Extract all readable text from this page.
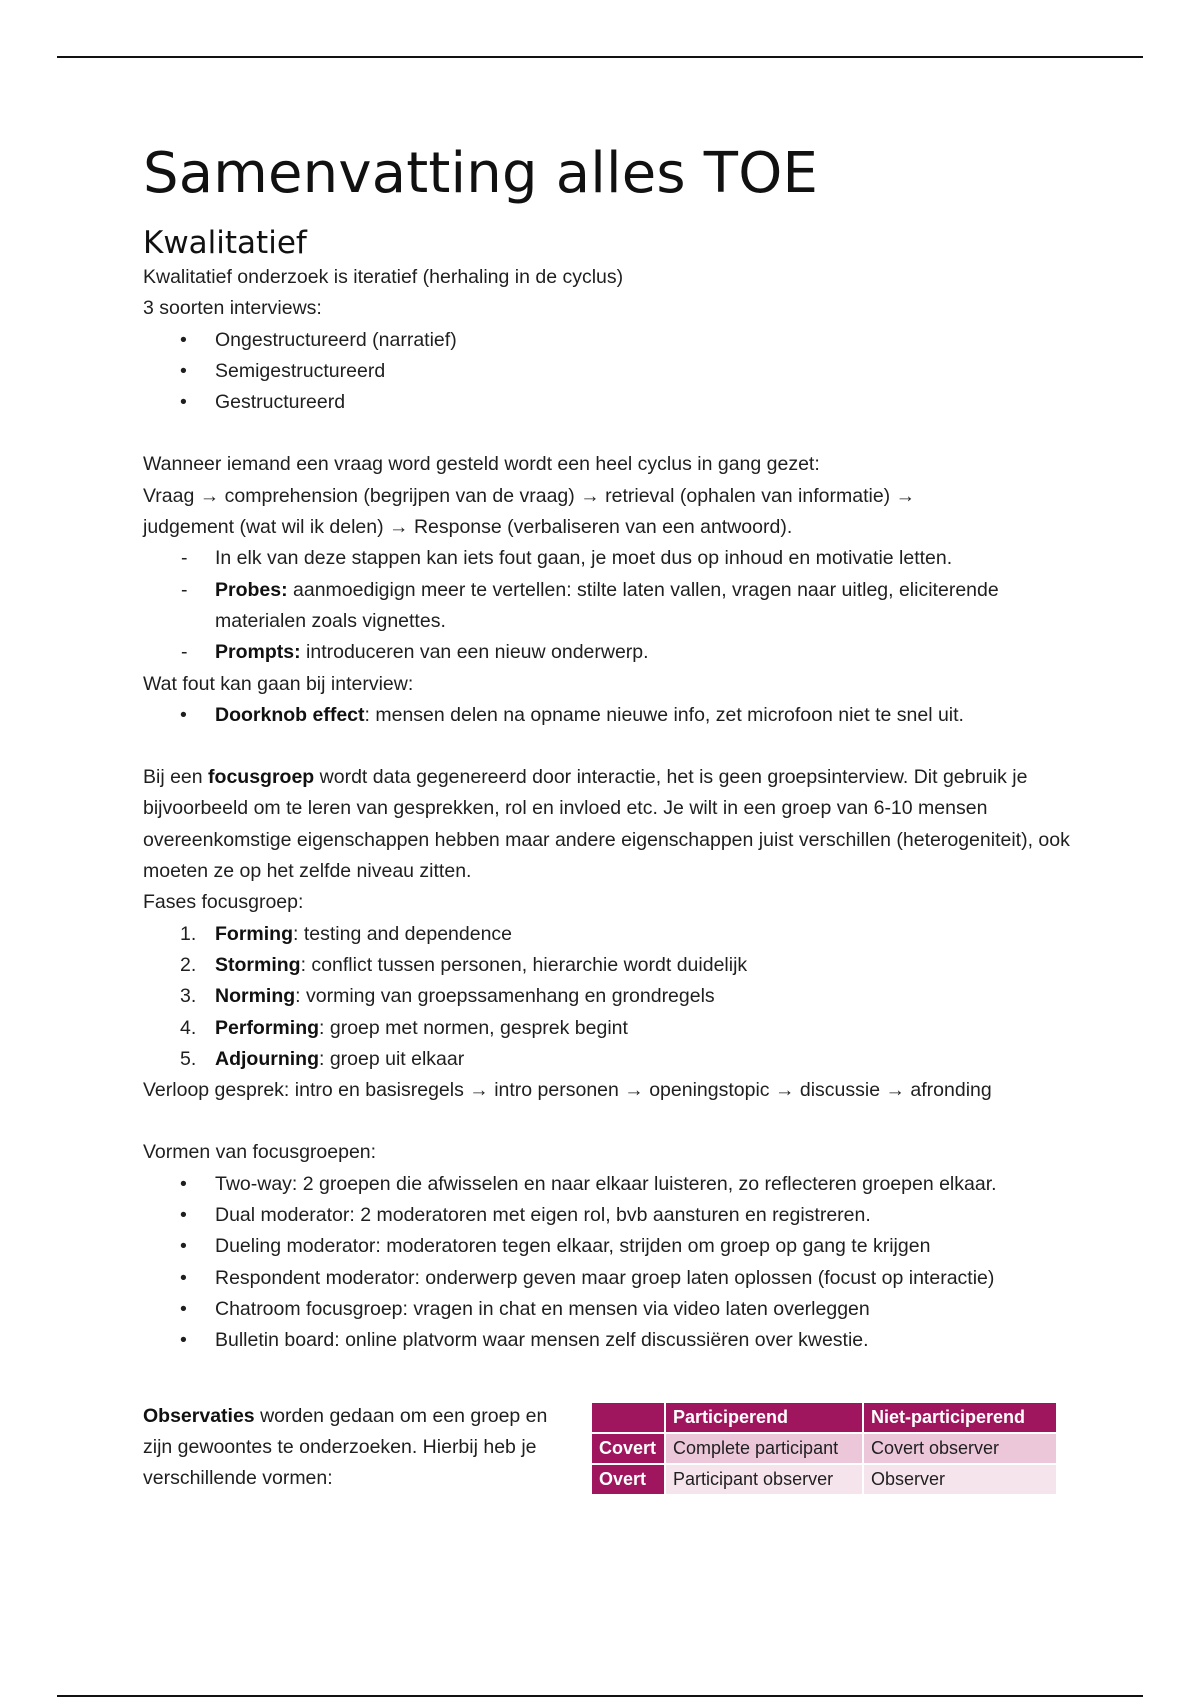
Samenvatting alles TOE
Kwalitatief

Kwalitatief onderzoek is iteratief (herhaling in de cyclus)

3 soorten interviews:

• Ongestructureerd (narratief)
• Semigestructureerd
• Gestructureerd

Wanneer iemand een vraag word gesteld wordt een heel cyclus in gang gezet:

Vraag → comprehension (begrijpen van de vraag) → retrieval (ophalen van informatie) →

judgement (wat wil ik delen) → Response (verbaliseren van een antwoord).

- In elk van deze stappen kan iets fout gaan, je moet dus op inhoud en motivatie letten.
- Probes: aanmoedigign meer te vertellen: stilte laten vallen, vragen naar uitleg, eliciterende materialen zoals vignettes.
- Prompts: introduceren van een nieuw onderwerp.

Wat fout kan gaan bij interview:

• Doorknob effect: mensen delen na opname nieuwe info, zet microfoon niet te snel uit.

Bij een focusgroep wordt data gegenereerd door interactie, het is geen groepsinterview. Dit gebruik je bijvoorbeeld om te leren van gesprekken, rol en invloed etc. Je wilt in een groep van 6-10 mensen overeenkomstige eigenschappen hebben maar andere eigenschappen juist verschillen (heterogeniteit), ook moeten ze op het zelfde niveau zitten.

Fases focusgroep:

1. Forming: testing and dependence
2. Storming: conflict tussen personen, hierarchie wordt duidelijk
3. Norming: vorming van groepssamenhang en grondregels
4. Performing: groep met normen, gesprek begint
5. Adjourning: groep uit elkaar

Verloop gesprek: intro en basisregels → intro personen → openingstopic → discussie → afronding

Vormen van focusgroepen:

• Two-way: 2 groepen die afwisselen en naar elkaar luisteren, zo reflecteren groepen elkaar.
• Dual moderator: 2 moderatoren met eigen rol, bvb aansturen en registreren.
• Dueling moderator: moderatoren tegen elkaar, strijden om groep op gang te krijgen
• Respondent moderator: onderwerp geven maar groep laten oplossen (focust op interactie)
• Chatroom focusgroep: vragen in chat en mensen via video laten overleggen
• Bulletin board: online platvorm waar mensen zelf discussiëren over kwestie.

Observaties worden gedaan om een groep en zijn gewoontes te onderzoeken. Hierbij heb je verschillende vormen:

	Participerend	Niet-participerend
Covert	Complete participant	Covert observer
Overt	Participant observer	Observer
